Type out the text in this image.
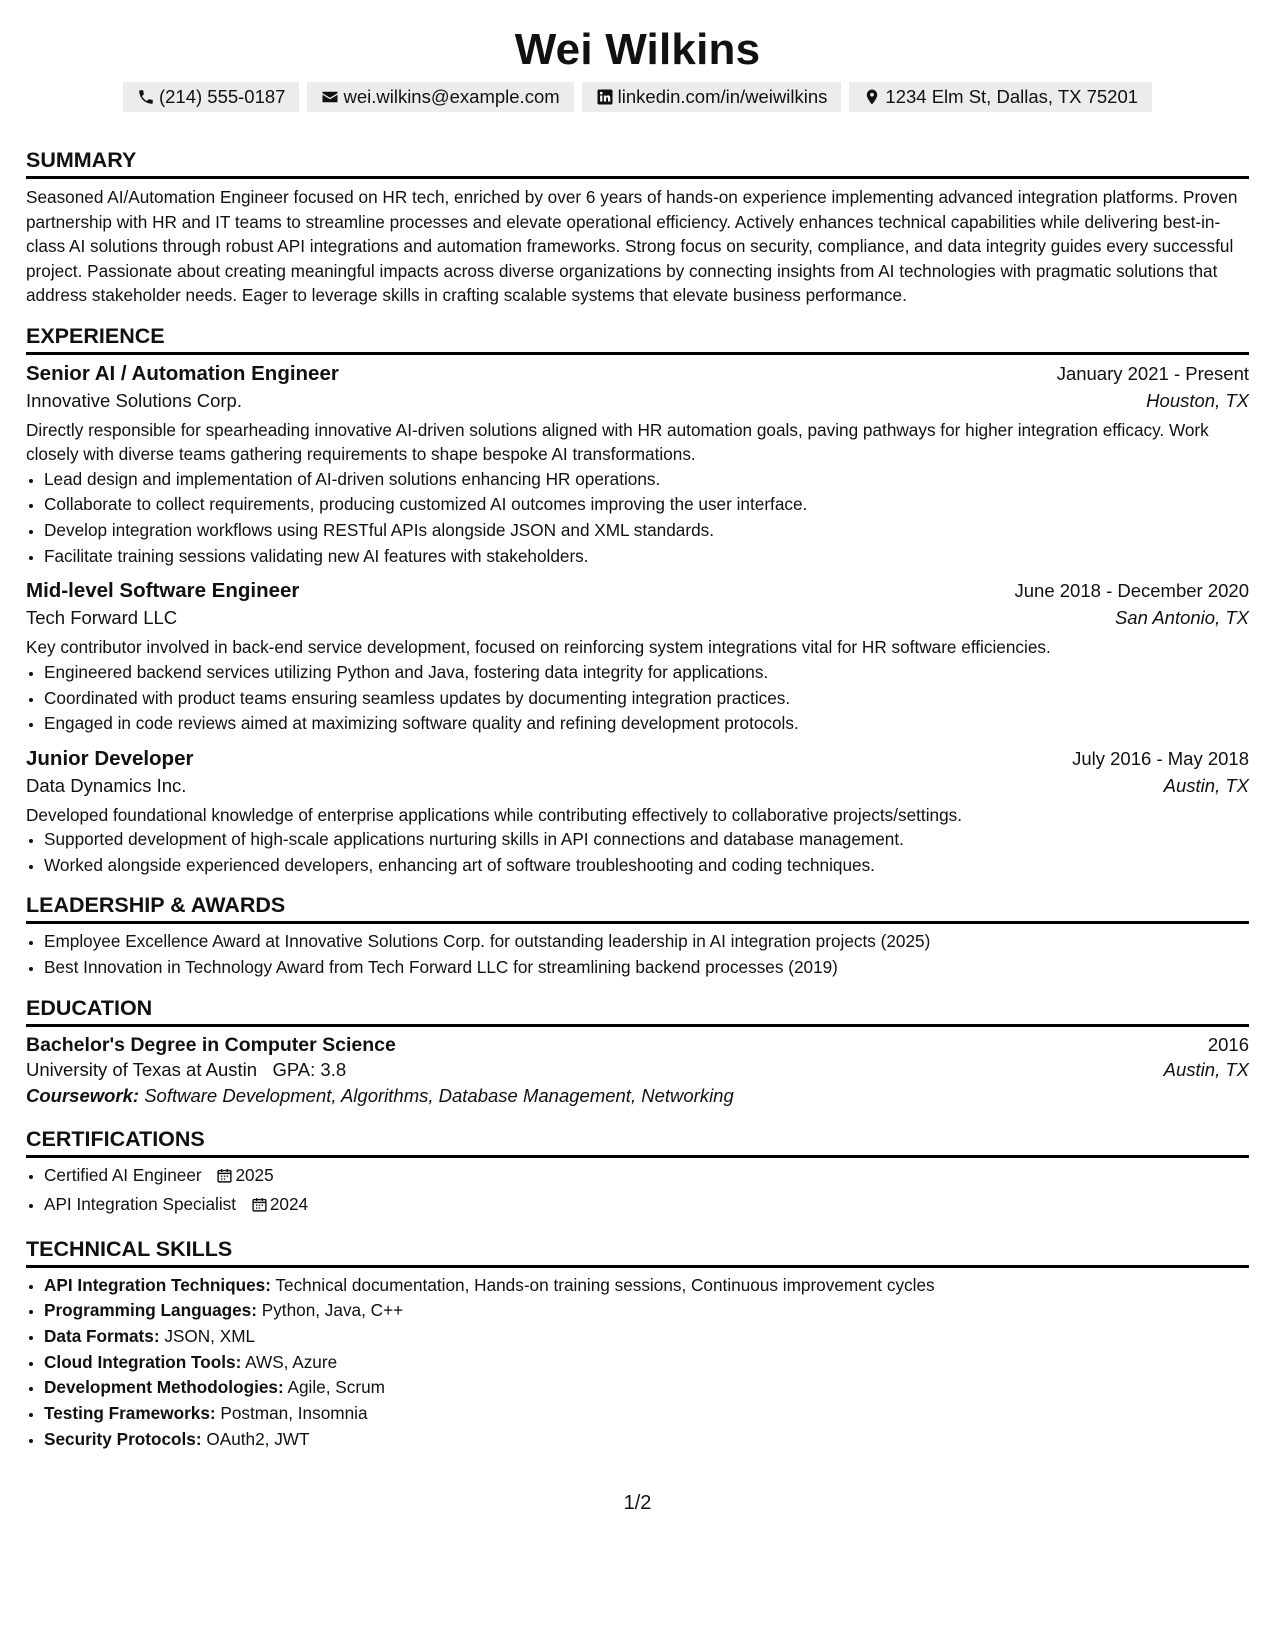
Wei Wilkins
(214) 555-0187	wei.wilkins@example.com	linkedin.com/in/weiwilkins	1234 Elm St, Dallas, TX 75201
SUMMARY

Seasoned AI/Automation Engineer focused on HR tech, enriched by over 6 years of hands-on experience implementing advanced integration platforms. Proven partnership with HR and IT teams to streamline processes and elevate operational efficiency. Actively enhances technical capabilities while delivering best-in-class AI solutions through robust API integrations and automation frameworks. Strong focus on security, compliance, and data integrity guides every successful project. Passionate about creating meaningful impacts across diverse organizations by connecting insights from AI technologies with pragmatic solutions that address stakeholder needs. Eager to leverage skills in crafting scalable systems that elevate business performance.

EXPERIENCE
Senior AI / Automation Engineer	January 2021 - Present
Innovative Solutions Corp.	Houston, TX

Directly responsible for spearheading innovative AI-driven solutions aligned with HR automation goals, paving pathways for higher integration efficacy. Work closely with diverse teams gathering requirements to shape bespoke AI transformations.

• Lead design and implementation of AI-driven solutions enhancing HR operations.
• Collaborate to collect requirements, producing customized AI outcomes improving the user interface.
• Develop integration workflows using RESTful APIs alongside JSON and XML standards.
• Facilitate training sessions validating new AI features with stakeholders.
Mid-level Software Engineer	June 2018 - December 2020
Tech Forward LLC	San Antonio, TX

Key contributor involved in back-end service development, focused on reinforcing system integrations vital for HR software efficiencies.

• Engineered backend services utilizing Python and Java, fostering data integrity for applications.
• Coordinated with product teams ensuring seamless updates by documenting integration practices.
• Engaged in code reviews aimed at maximizing software quality and refining development protocols.
Junior Developer	July 2016 - May 2018
Data Dynamics Inc.	Austin, TX

Developed foundational knowledge of enterprise applications while contributing effectively to collaborative projects/settings.

• Supported development of high-scale applications nurturing skills in API connections and database management.
• Worked alongside experienced developers, enhancing art of software troubleshooting and coding techniques.
LEADERSHIP & AWARDS
• Employee Excellence Award at Innovative Solutions Corp. for outstanding leadership in AI integration projects (2025)
• Best Innovation in Technology Award from Tech Forward LLC for streamlining backend processes (2019)
EDUCATION
Bachelor's Degree in Computer Science	2016
University of Texas at Austin GPA: 3.8	Austin, TX
Coursework: Software Development, Algorithms, Database Management, Networking
CERTIFICATIONS
• Certified AI Engineer 2025
• API Integration Specialist 2024
TECHNICAL SKILLS
• API Integration Techniques: Technical documentation, Hands-on training sessions, Continuous improvement cycles
• Programming Languages: Python, Java, C++
• Data Formats: JSON, XML
• Cloud Integration Tools: AWS, Azure
• Development Methodologies: Agile, Scrum
• Testing Frameworks: Postman, Insomnia
• Security Protocols: OAuth2, JWT
1/2
